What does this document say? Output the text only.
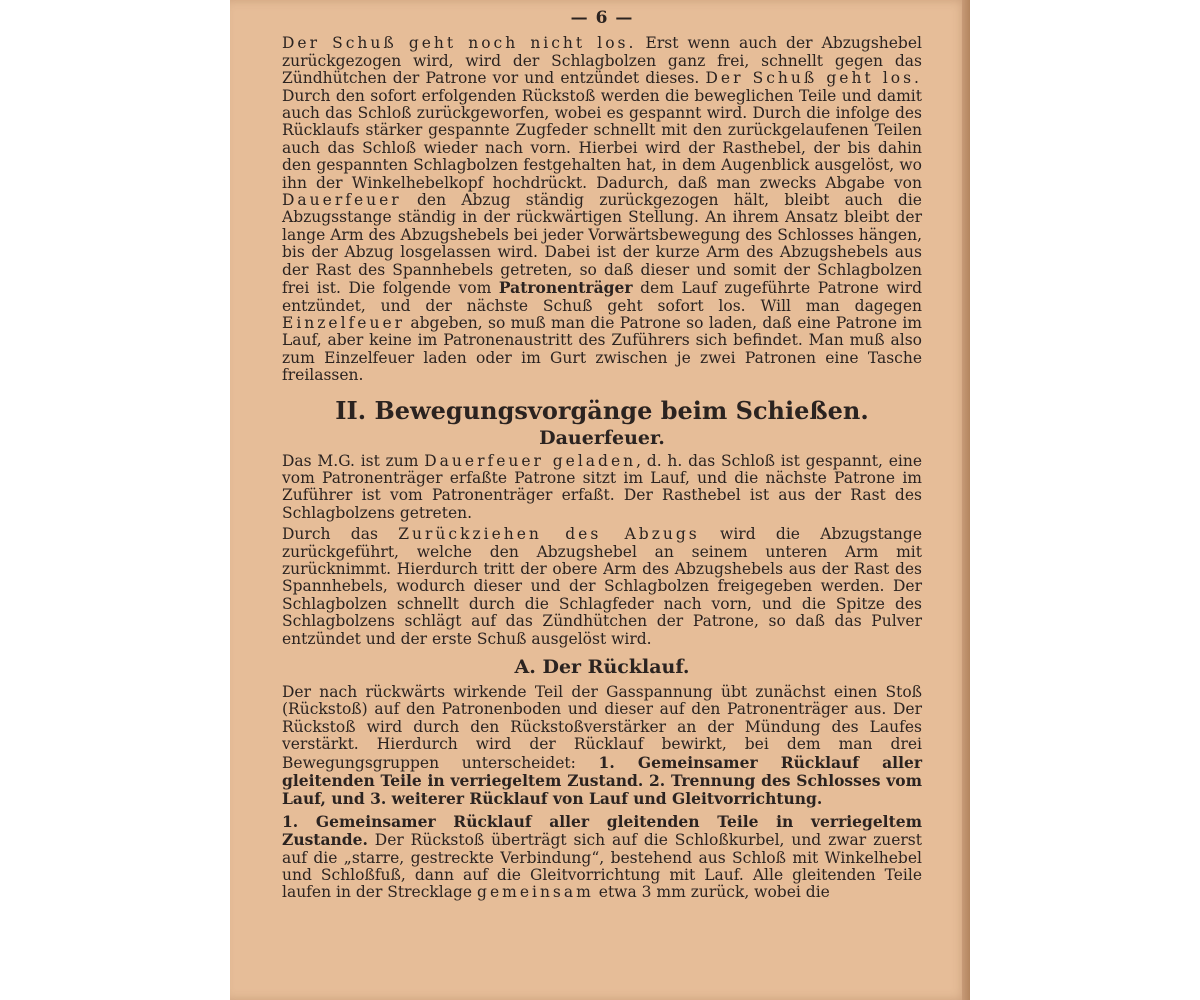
— 6 —

Der Schuß geht noch nicht los. Erst wenn auch der Abzugshebel zurückgezogen wird, wird der Schlagbolzen ganz frei, schnellt gegen das Zündhütchen der Patrone vor und entzündet dieses. Der Schuß geht los. Durch den sofort erfolgenden Rückstoß werden die beweglichen Teile und damit auch das Schloß zurückgeworfen, wobei es gespannt wird. Durch die infolge des Rücklaufs stärker gespannte Zugfeder schnellt mit den zurückgelaufenen Teilen auch das Schloß wieder nach vorn. Hierbei wird der Rasthebel, der bis dahin den gespannten Schlagbolzen festgehalten hat, in dem Augenblick ausgelöst, wo ihn der Winkelhebelkopf hochdrückt. Dadurch, daß man zwecks Abgabe von Dauerfeuer den Abzug ständig zurückgezogen hält, bleibt auch die Abzugsstange ständig in der rückwärtigen Stellung. An ihrem Ansatz bleibt der lange Arm des Abzugshebels bei jeder Vorwärtsbewegung des Schlosses hängen, bis der Abzug losgelassen wird. Dabei ist der kurze Arm des Abzugshebels aus der Rast des Spannhebels getreten, so daß dieser und somit der Schlagbolzen frei ist. Die folgende vom Patronenträger dem Lauf zugeführte Patrone wird entzündet, und der nächste Schuß geht sofort los. Will man dagegen Einzelfeuer abgeben, so muß man die Patrone so laden, daß eine Patrone im Lauf, aber keine im Patronenaustritt des Zuführers sich befindet. Man muß also zum Einzelfeuer laden oder im Gurt zwischen je zwei Patronen eine Tasche freilassen.

II. Bewegungsvorgänge beim Schießen.
Dauerfeuer.

Das M.G. ist zum Dauerfeuer geladen, d. h. das Schloß ist gespannt, eine vom Patronenträger erfaßte Patrone sitzt im Lauf, und die nächste Patrone im Zuführer ist vom Patronenträger erfaßt. Der Rasthebel ist aus der Rast des Schlagbolzens getreten.

Durch das Zurückziehen des Abzugs wird die Abzugstange zurückgeführt, welche den Abzugshebel an seinem unteren Arm mit zurücknimmt. Hierdurch tritt der obere Arm des Abzugshebels aus der Rast des Spannhebels, wodurch dieser und der Schlagbolzen freigegeben werden. Der Schlagbolzen schnellt durch die Schlagfeder nach vorn, und die Spitze des Schlagbolzens schlägt auf das Zündhütchen der Patrone, so daß das Pulver entzündet und der erste Schuß ausgelöst wird.

A. Der Rücklauf.

Der nach rückwärts wirkende Teil der Gasspannung übt zunächst einen Stoß (Rückstoß) auf den Patronenboden und dieser auf den Patronenträger aus. Der Rückstoß wird durch den Rückstoßverstärker an der Mündung des Laufes verstärkt. Hierdurch wird der Rücklauf bewirkt, bei dem man drei Bewegungsgruppen unterscheidet: 1. Gemeinsamer Rücklauf aller gleitenden Teile in verriegeltem Zustand. 2. Trennung des Schlosses vom Lauf, und 3. weiterer Rücklauf von Lauf und Gleitvorrichtung.

1. Gemeinsamer Rücklauf aller gleitenden Teile in verriegeltem Zustande. Der Rückstoß überträgt sich auf die Schloßkurbel, und zwar zuerst auf die „starre, gestreckte Verbindung“, bestehend aus Schloß mit Winkelhebel und Schloßfuß, dann auf die Gleitvorrichtung mit Lauf. Alle gleitenden Teile laufen in der Strecklage gemeinsam etwa 3 mm zurück, wobei die
